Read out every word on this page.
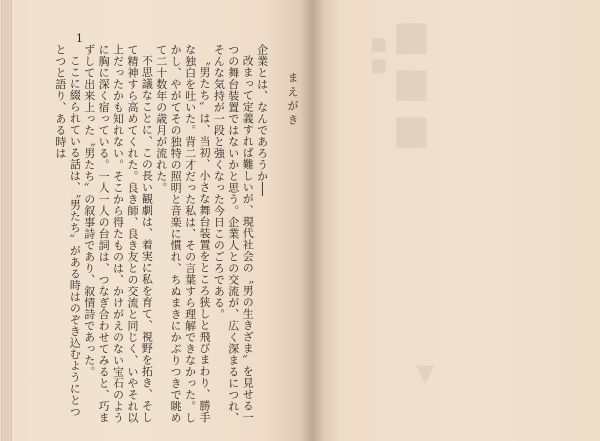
1
まえがき

企業とは、なんであろうか──

改まって定義すれば難しいが、現代社会の〝男の生きざま〟を見せる一つの舞台装置ではないかと思う。企業人との交流が、広く深まるにつれ、そんな気持が一段と強くなった今日このごろである。

〝男たち〟は、当初、小さな舞台装置をところ狭しと飛びまわり、勝手な独白を吐いた。背二才だった私は、その言葉すら理解できなかった。しかし、やがてその独特の照明と音楽に慣れ、ちぬまきにかぶりつきで眺めて二十数年の歳月が流れた。

不思議なことに、この長い観劇は、着実に私を育て、視野を拓き、そして精神すら高めてくれた。良き師、良き友との交流と同じく、いやそれ以上だったかも知れない。そこから得たものは、かけがえのない宝石のように胸に深く宿っている。一人一人の台詞は、つなぎ合わせてみると、巧まずして出来上った〝男たち〟の叙事詩であり、叙情詩であった。

ここに綴られている話は、〝男たち〟がある時はのぞき込むようにとつとつと語り、ある時は	■■■
■■
▼
